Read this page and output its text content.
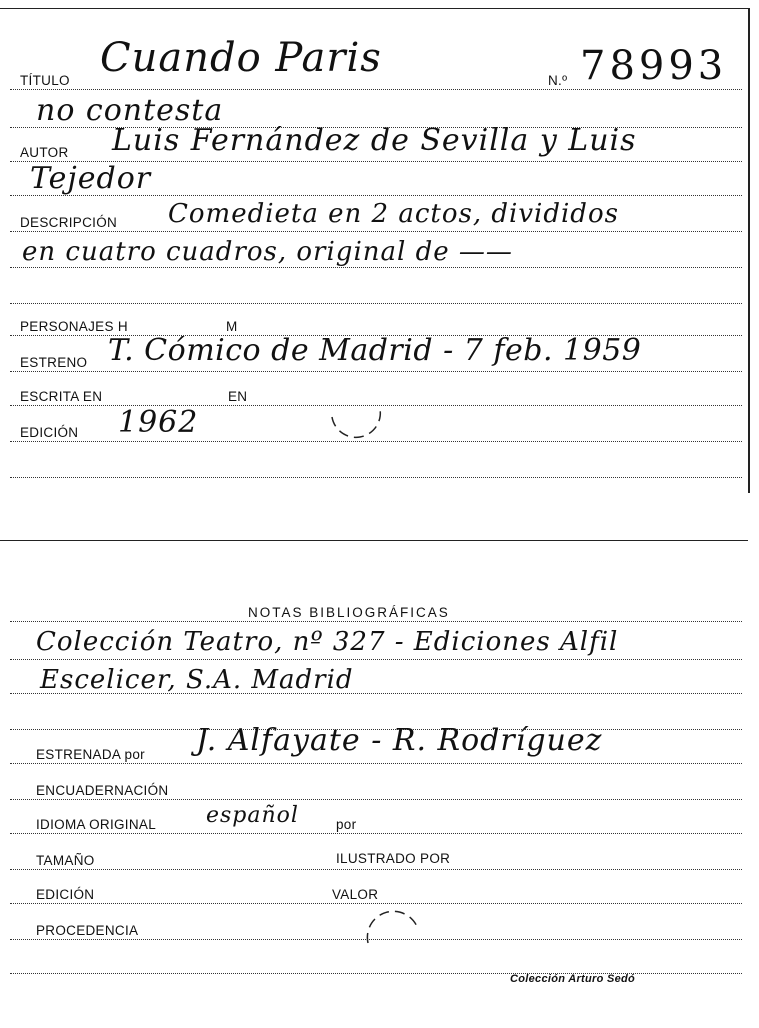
TÍTULO Cuando Paris	N.º 78993
no contesta
AUTOR Luis Fernández de Sevilla y Luis
Tejedor
DESCRIPCIÓN Comedieta en 2 actos, divididos
en cuatro cuadros, original de ——
PERSONAJES H	M
ESTRENO T. Cómico de Madrid - 7 feb. 1959
ESCRITA EN	EN
EDICIÓN 1962
NOTAS BIBLIOGRÁFICAS
Colección Teatro, nº 327 - Ediciones Alfil
Escelicer, S.A. Madrid
ESTRENADA por J. Alfayate - R. Rodríguez
ENCUADERNACIÓN
IDIOMA ORIGINAL español	por
TAMAÑO	ILUSTRADO POR
EDICIÓN	VALOR
PROCEDENCIA
Colección Arturo Sedó
